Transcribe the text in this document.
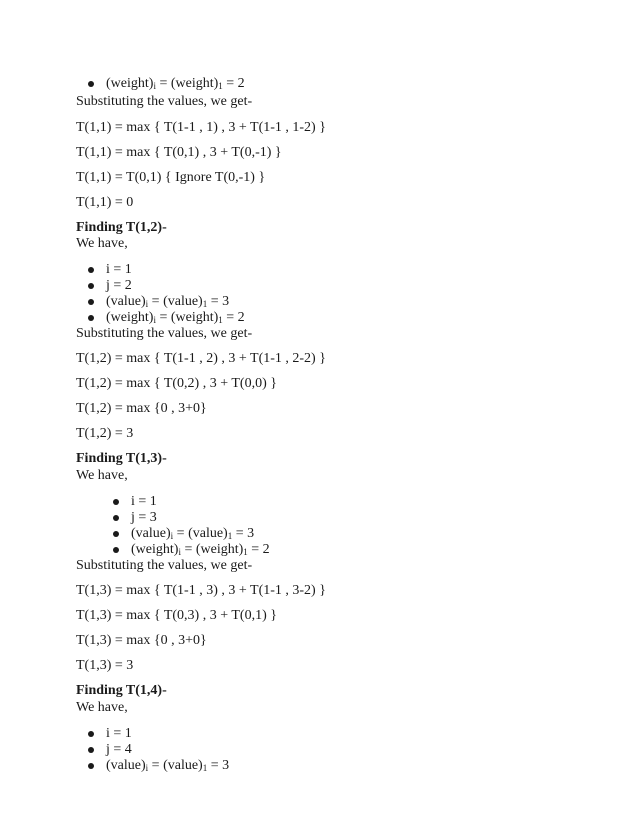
$(weight)_i$ = $(weight)_1 = 2$
Substituting the values, we get-
T(1,1) = max { T(1-1 , 1) , 3 + T(1-1 , 1-2) }
T(1,1) = max { T(0,1) , 3 + T(0,-1) }
T(1,1) = T(0,1) { Ignore T(0,-1) }
T(1,1) = 0
Finding T(1,2)-
We have,
i = 1
j = 2
$(value)_i$ = $(value)_1 = 3$
$(weight)_i$ = $(weight)_1 = 2$
Substituting the values, we get-
T(1,2) = max { T(1-1 , 2) , 3 + T(1-1 , 2-2) }
T(1,2) = max { T(0,2) , 3 + T(0,0) }
T(1,2) = max {0 , 3+0}
T(1,2) = 3
Finding T(1,3)-
We have,
i = 1
j = 3
$(value)_i$ = $(value)_1 = 3$
$(weight)_i$ = $(weight)_1 = 2$
Substituting the values, we get-
T(1,3) = max { T(1-1 , 3) , 3 + T(1-1 , 3-2) }
T(1,3) = max { T(0,3) , 3 + T(0,1) }
T(1,3) = max {0 , 3+0}
T(1,3) = 3
Finding T(1,4)-
We have,
i = 1
j = 4
$(value)_i$ = $(value)_1 = 3$
